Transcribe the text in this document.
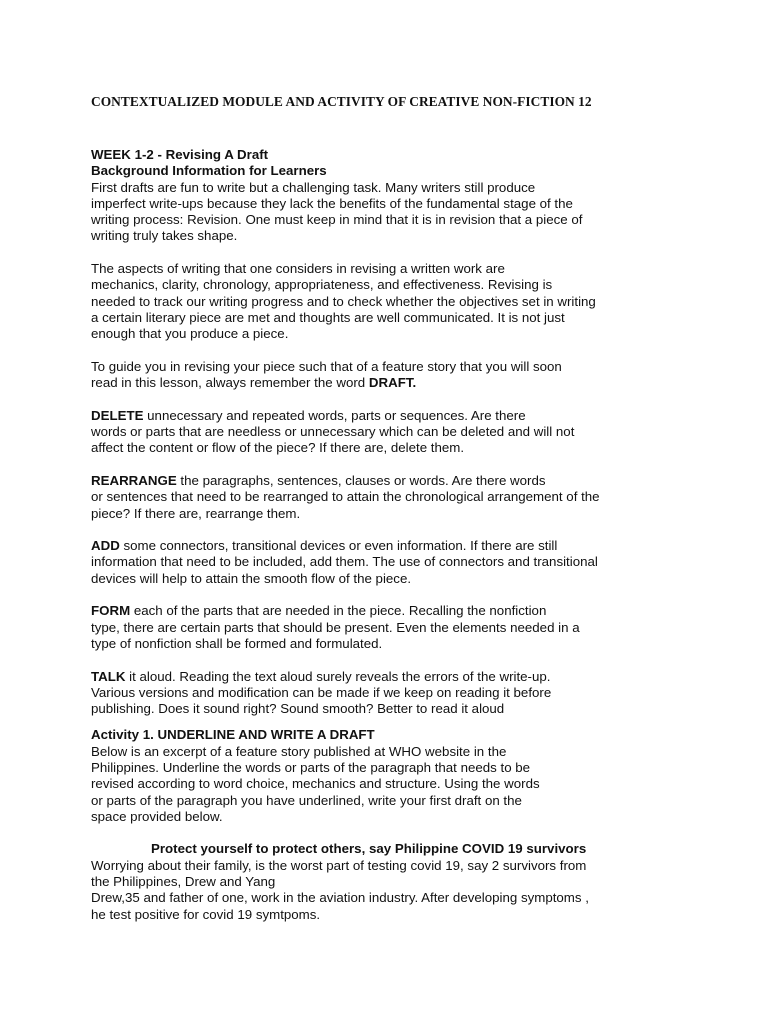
CONTEXTUALIZED MODULE AND ACTIVITY OF CREATIVE NON-FICTION 12
WEEK 1-2 - Revising A Draft
Background Information for Learners
First drafts are fun to write but a challenging task. Many writers still produce
imperfect write-ups because they lack the benefits of the fundamental stage of the
writing process: Revision. One must keep in mind that it is in revision that a piece of
writing truly takes shape.
The aspects of writing that one considers in revising a written work are
mechanics, clarity, chronology, appropriateness, and effectiveness. Revising is
needed to track our writing progress and to check whether the objectives set in writing
a certain literary piece are met and thoughts are well communicated. It is not just
enough that you produce a piece.
To guide you in revising your piece such that of a feature story that you will soon
read in this lesson, always remember the word DRAFT.
DELETE unnecessary and repeated words, parts or sequences. Are there
words or parts that are needless or unnecessary which can be deleted and will not
affect the content or flow of the piece? If there are, delete them.
REARRANGE the paragraphs, sentences, clauses or words. Are there words
or sentences that need to be rearranged to attain the chronological arrangement of the
piece? If there are, rearrange them.
ADD some connectors, transitional devices or even information. If there are still
information that need to be included, add them. The use of connectors and transitional
devices will help to attain the smooth flow of the piece.
FORM each of the parts that are needed in the piece. Recalling the nonfiction
type, there are certain parts that should be present. Even the elements needed in a
type of nonfiction shall be formed and formulated.
TALK it aloud. Reading the text aloud surely reveals the errors of the write-up.
Various versions and modification can be made if we keep on reading it before
publishing. Does it sound right? Sound smooth? Better to read it aloud
Activity 1. UNDERLINE AND WRITE A DRAFT
Below is an excerpt of a feature story published at WHO website in the
Philippines. Underline the words or parts of the paragraph that needs to be
revised according to word choice, mechanics and structure. Using the words
or parts of the paragraph you have underlined, write your first draft on the
space provided below.
Protect yourself to protect others, say Philippine COVID 19 survivors
Worrying about their family, is the worst part of testing covid 19, say 2 survivors from
the Philippines, Drew and Yang
Drew,35 and father of one, work in the aviation industry. After developing symptoms ,
he test positive for covid 19 symtpoms.
